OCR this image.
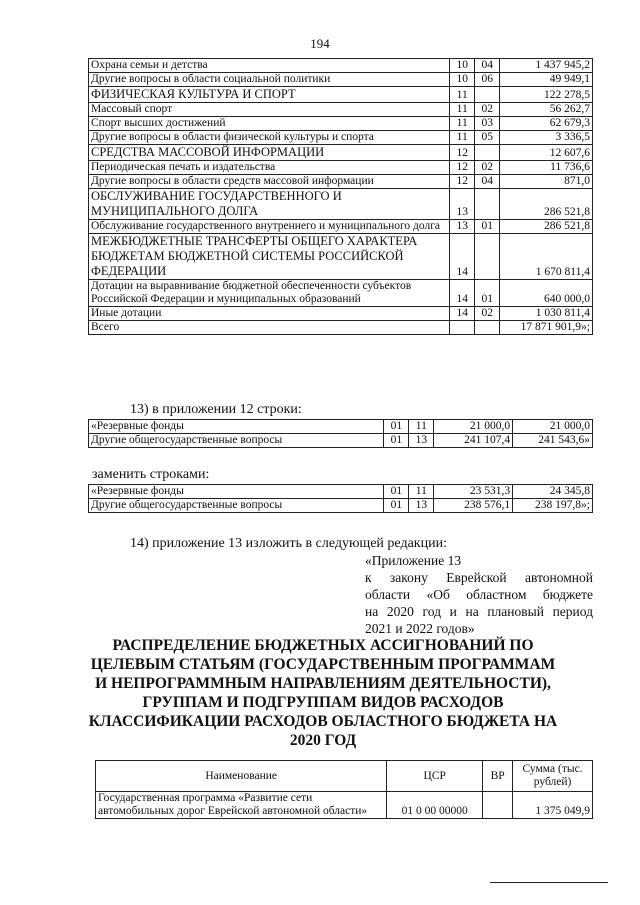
194
Охрана семьи и детства	10	04	1 437 945,2
Другие вопросы в области социальной политики	10	06	49 949,1
ФИЗИЧЕСКАЯ КУЛЬТУРА И СПОРТ	11		122 278,5
Массовый спорт	11	02	56 262,7
Спорт высших достижений	11	03	62 679,3
Другие вопросы в области физической культуры и спорта	11	05	3 336,5
СРЕДСТВА МАССОВОЙ ИНФОРМАЦИИ	12		12 607,6
Периодическая печать и издательства	12	02	11 736,6
Другие вопросы в области средств массовой информации	12	04	871,0
ОБСЛУЖИВАНИЕ ГОСУДАРСТВЕННОГО И МУНИЦИПАЛЬНОГО ДОЛГА	13		286 521,8
Обслуживание государственного внутреннего и муниципального долга	13	01	286 521,8
МЕЖБЮДЖЕТНЫЕ ТРАНСФЕРТЫ ОБЩЕГО ХАРАКТЕРА БЮДЖЕТАМ БЮДЖЕТНОЙ СИСТЕМЫ РОССИЙСКОЙ ФЕДЕРАЦИИ	14		1 670 811,4
Дотации на выравнивание бюджетной обеспеченности субъектов Российской Федерации и муниципальных образований	14	01	640 000,0
Иные дотации	14	02	1 030 811,4
Всего			17 871 901,9»;
13) в приложении 12 строки:
«Резервные фонды	01	11	21 000,0	21 000,0
Другие общегосударственные вопросы	01	13	241 107,4	241 543,6»
заменить строками:
«Резервные фонды	01	11	23 531,3	24 345,8
Другие общегосударственные вопросы	01	13	238 576,1	238 197,8»;
14) приложение 13 изложить в следующей редакции:
«Приложение 13
к закону Еврейской автономной
области «Об областном бюджете
на 2020 год и на плановый период
2021 и 2022 годов»
РАСПРЕДЕЛЕНИЕ БЮДЖЕТНЫХ АССИГНОВАНИЙ ПО ЦЕЛЕВЫМ СТАТЬЯМ (ГОСУДАРСТВЕННЫМ ПРОГРАММАМ И НЕПРОГРАММНЫМ НАПРАВЛЕНИЯМ ДЕЯТЕЛЬНОСТИ), ГРУППАМ И ПОДГРУППАМ ВИДОВ РАСХОДОВ КЛАССИФИКАЦИИ РАСХОДОВ ОБЛАСТНОГО БЮДЖЕТА НА 2020 ГОД
Наименование	ЦСР	ВР	Сумма (тыс. рублей)
Государственная программа «Развитие сети автомобильных дорог Еврейской автономной области»	01 0 00 00000		1 375 049,9
